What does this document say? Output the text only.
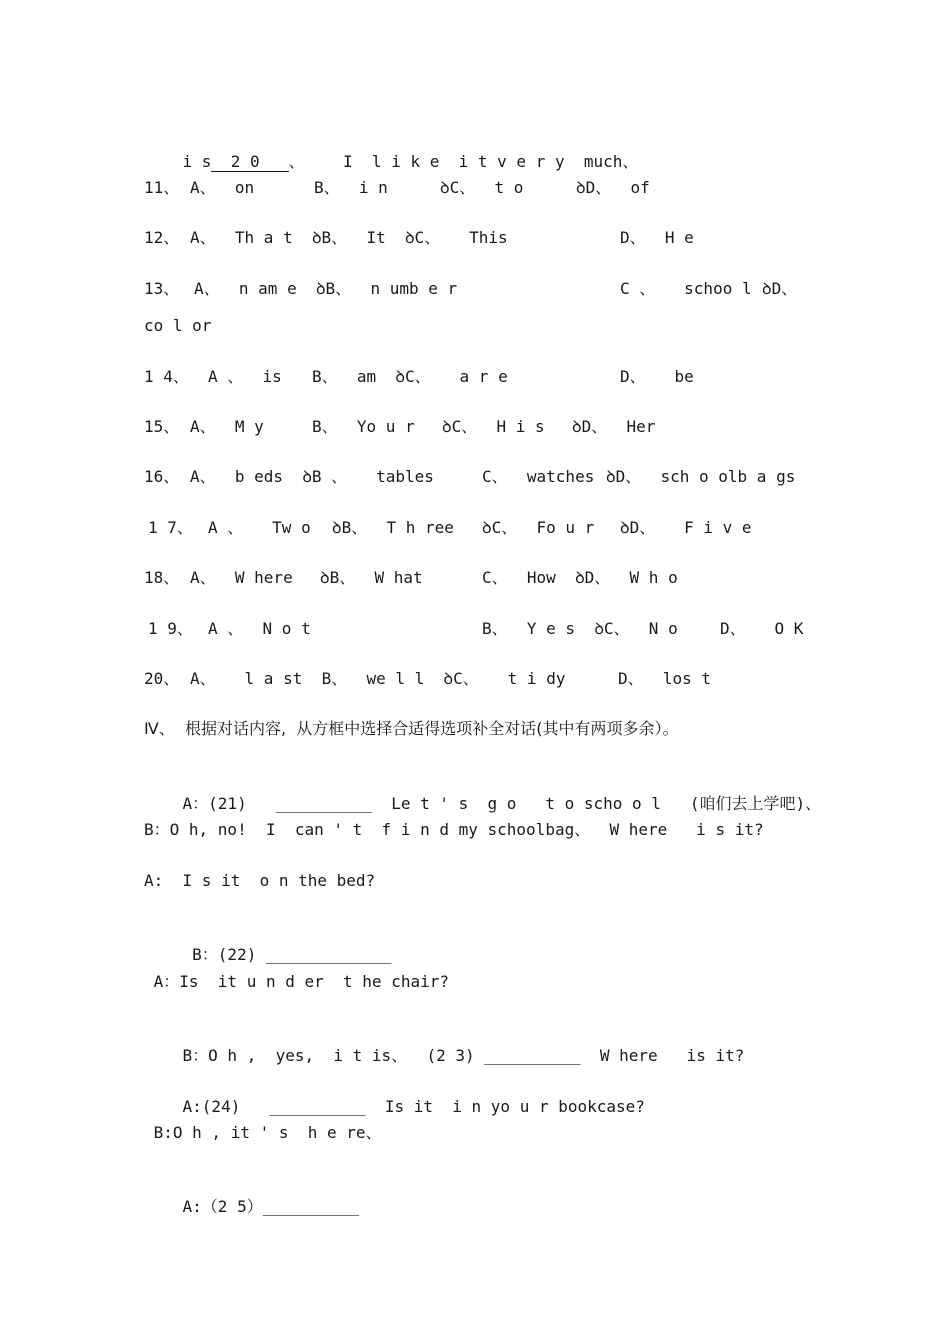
i s  2 0   、    I  l i k e  i t v e r y  much、

11、

A、  on

	B、  i n

	ꝺC、  t o

	ꝺD、  of

12、

A、  Th a t  ꝺB、  It  ꝺC、   This

	D、  H e

13、

A、  n am e  ꝺB、  n umb e r

	C 、   schoo l

ꝺD、

co l or

1 4、

A 、  is

B、  am  ꝺC、   a r e

	D、   be

15、

A、  M y

	B、  Yo u r

ꝺC、  H i s

ꝺD、  Her

16、

A、  b eds  ꝺB 、   tables

	C、  watches

ꝺD、  sch o olb a gs

1 7、

A 、   Tw o

ꝺB、  T h ree

ꝺC、  Fo u r

ꝺD、   F i v e

18、

A、  W here

ꝺB、  W hat

	C、  How  ꝺD、  W h o

1 9、

A 、  N o t

	B、  Y e s  ꝺC、  N o

	D、   O K

20、

A、   l a st  B、  we l l  ꝺC、   t i dy

	D、  los t

Ⅳ、  根据对话内容,  从方框中选择合适得选项补全对话(其中有两项多余）。

A：(21)   __________  Le t ' s  g o   t o scho o l   (咱们去上学吧)、

B：O h, no!  I  can ' t  f i n d my schoolbag、  W here   i s it?
A:  I s it  o n the bed?

B：(22) _____________

A：Is  it u n d er  t he chair?

B：O h ,  yes,  i t is、  (2 3) __________  W here   is it?

A:(24)   __________  Is it  i n yo u r bookcase?

B:O h , it ' s  h e re、

A:（2 5）__________
